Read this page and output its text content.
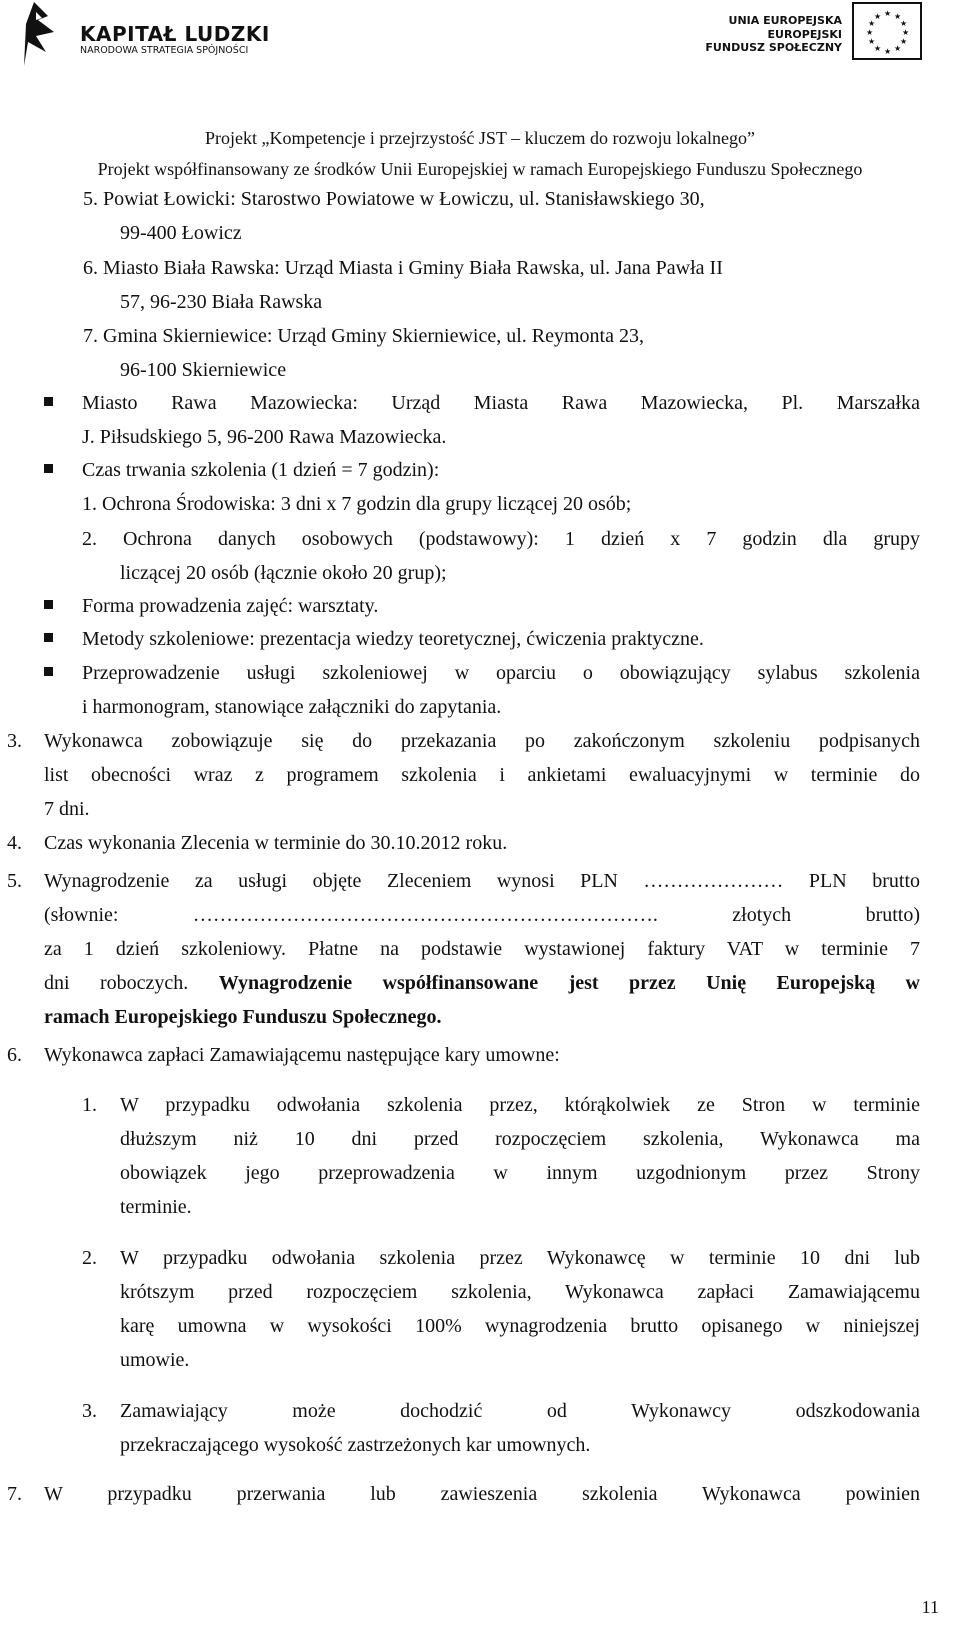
KAPITAŁ LUDZKI
NARODOWA STRATEGIA SPÓJNOŚCI
UNIA EUROPEJSKA
EUROPEJSKI
FUNDUSZ SPOŁECZNY
★ ★
★
★
★
★
★
★
★
★
★
★
Projekt „Kompetencje i przejrzystość JST – kluczem do rozwoju lokalnego”
Projekt współfinansowany ze środków Unii Europejskiej w ramach Europejskiego Funduszu Społecznego
5. Powiat Łowicki: Starostwo Powiatowe w Łowiczu, ul. Stanisławskiego 30,
99-400 Łowicz
6. Miasto Biała Rawska: Urząd Miasta i Gminy Biała Rawska, ul. Jana Pawła II
57, 96-230 Biała Rawska
7. Gmina Skierniewice: Urząd Gminy Skierniewice, ul. Reymonta 23,
96-100 Skierniewice
Miasto Rawa Mazowiecka: Urząd Miasta Rawa Mazowiecka, Pl. Marszałka
J. Piłsudskiego 5, 96-200 Rawa Mazowiecka.
Czas trwania szkolenia (1 dzień = 7 godzin):
1. Ochrona Środowiska: 3 dni x 7 godzin dla grupy liczącej 20 osób;
2. Ochrona danych osobowych (podstawowy): 1 dzień x 7 godzin dla grupy
liczącej 20 osób (łącznie około 20 grup);
Forma prowadzenia zajęć: warsztaty.
Metody szkoleniowe: prezentacja wiedzy teoretycznej, ćwiczenia praktyczne.
Przeprowadzenie usługi szkoleniowej w oparciu o obowiązujący sylabus szkolenia
i harmonogram, stanowiące załączniki do zapytania.
3. Wykonawca zobowiązuje się do przekazania po zakończonym szkoleniu podpisanych
list obecności wraz z programem szkolenia i ankietami ewaluacyjnymi w terminie do
7 dni.
4. Czas wykonania Zlecenia w terminie do 30.10.2012 roku.
5. Wynagrodzenie za usługi objęte Zleceniem wynosi PLN ………………… PLN brutto
(słownie: ……………………………………………………………. złotych brutto)
za 1 dzień szkoleniowy. Płatne na podstawie wystawionej faktury VAT w terminie 7
dni roboczych. Wynagrodzenie współfinansowane jest przez Unię Europejską w
ramach Europejskiego Funduszu Społecznego.
6. Wykonawca zapłaci Zamawiającemu następujące kary umowne:
1. W przypadku odwołania szkolenia przez, którąkolwiek ze Stron w terminie
dłuższym niż 10 dni przed rozpoczęciem szkolenia, Wykonawca ma
obowiązek jego przeprowadzenia w innym uzgodnionym przez Strony
terminie.
2. W przypadku odwołania szkolenia przez Wykonawcę w terminie 10 dni lub
krótszym przed rozpoczęciem szkolenia, Wykonawca zapłaci Zamawiającemu
karę umowna w wysokości 100% wynagrodzenia brutto opisanego w niniejszej
umowie.
3. Zamawiający może dochodzić od Wykonawcy odszkodowania
przekraczającego wysokość zastrzeżonych kar umownych.
7. W przypadku przerwania lub zawieszenia szkolenia Wykonawca powinien
11
